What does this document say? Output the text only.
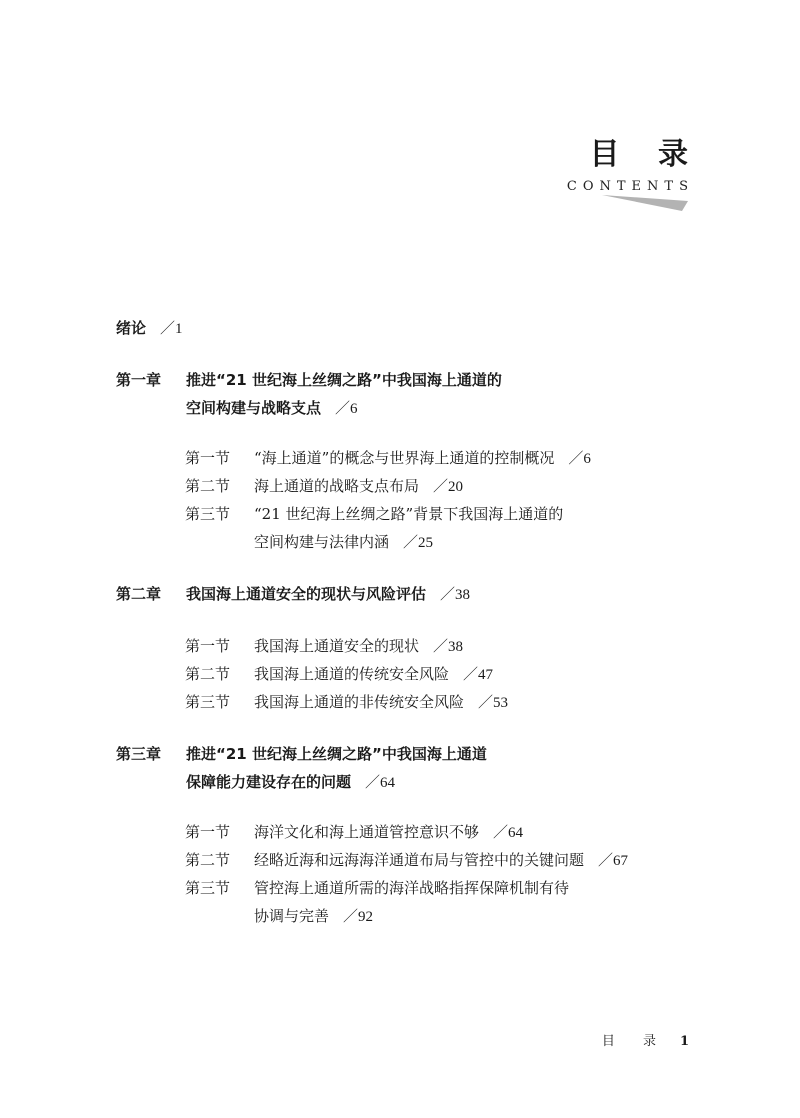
目 录
CONTENTS
绪论 ／1
第一章 推进“21 世纪海上丝绸之路”中我国海上通道的
空间构建与战略支点 ／6
第一节 “海上通道”的概念与世界海上通道的控制概况 ／6
第二节 海上通道的战略支点布局 ／20
第三节 “21 世纪海上丝绸之路”背景下我国海上通道的
空间构建与法律内涵 ／25
第二章 我国海上通道安全的现状与风险评估 ／38
第一节 我国海上通道安全的现状 ／38
第二节 我国海上通道的传统安全风险 ／47
第三节 我国海上通道的非传统安全风险 ／53
第三章 推进“21 世纪海上丝绸之路”中我国海上通道
保障能力建设存在的问题 ／64
第一节 海洋文化和海上通道管控意识不够 ／64
第二节 经略近海和远海海洋通道布局与管控中的关键问题 ／67
第三节 管控海上通道所需的海洋战略指挥保障机制有待
协调与完善 ／92
目 录 1
